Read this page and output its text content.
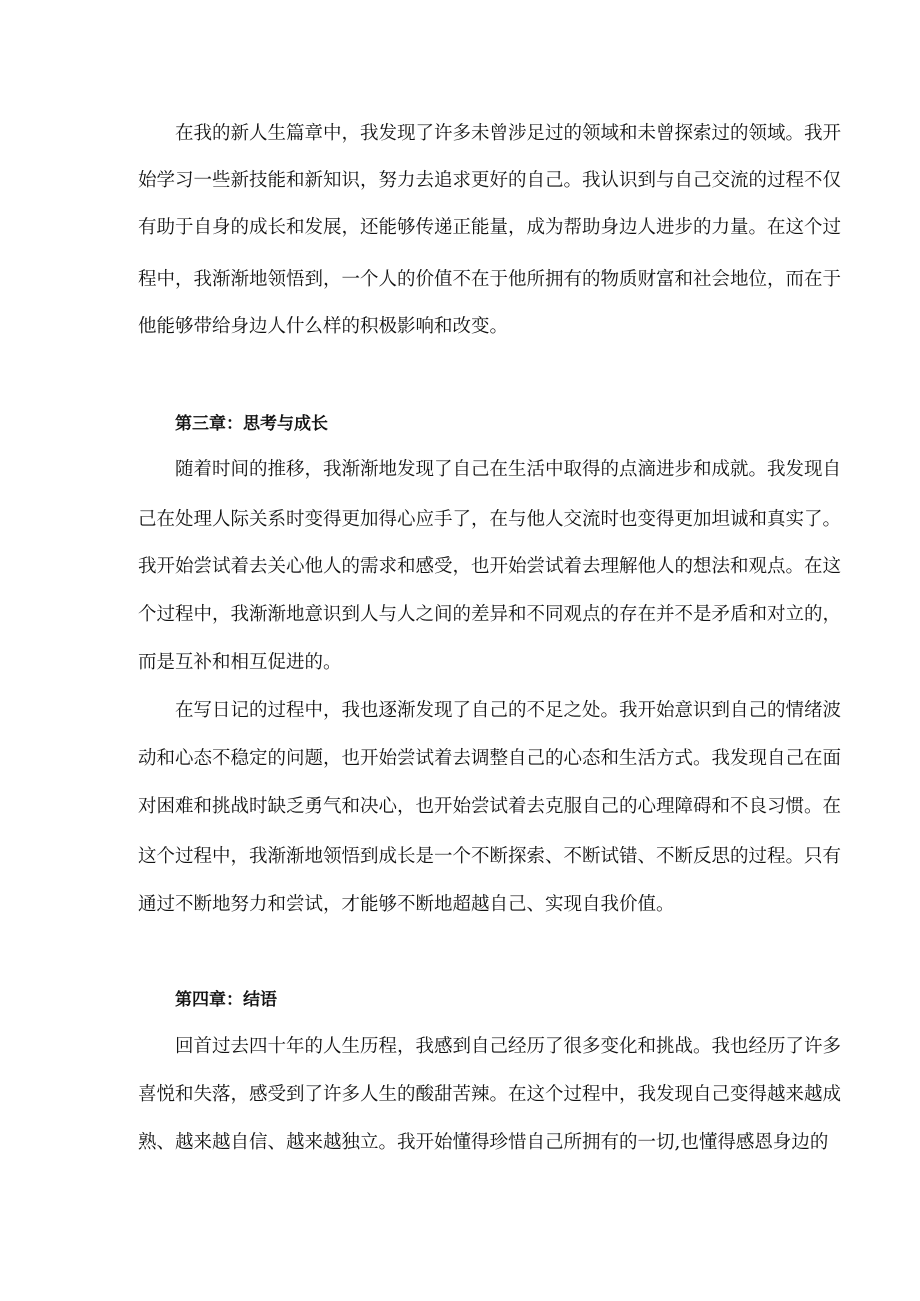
在我的新人生篇章中，我发现了许多未曾涉足过的领域和未曾探索过的领域。我开
始学习一些新技能和新知识，努力去追求更好的自己。我认识到与自己交流的过程不仅
有助于自身的成长和发展，还能够传递正能量，成为帮助身边人进步的力量。在这个过
程中，我渐渐地领悟到，一个人的价值不在于他所拥有的物质财富和社会地位，而在于
他能够带给身边人什么样的积极影响和改变。
第三章：思考与成长
随着时间的推移，我渐渐地发现了自己在生活中取得的点滴进步和成就。我发现自
己在处理人际关系时变得更加得心应手了，在与他人交流时也变得更加坦诚和真实了。
我开始尝试着去关心他人的需求和感受，也开始尝试着去理解他人的想法和观点。在这
个过程中，我渐渐地意识到人与人之间的差异和不同观点的存在并不是矛盾和对立的，
而是互补和相互促进的。
在写日记的过程中，我也逐渐发现了自己的不足之处。我开始意识到自己的情绪波
动和心态不稳定的问题，也开始尝试着去调整自己的心态和生活方式。我发现自己在面
对困难和挑战时缺乏勇气和决心，也开始尝试着去克服自己的心理障碍和不良习惯。在
这个过程中，我渐渐地领悟到成长是一个不断探索、不断试错、不断反思的过程。只有
通过不断地努力和尝试，才能够不断地超越自己、实现自我价值。
第四章：结语
回首过去四十年的人生历程，我感到自己经历了很多变化和挑战。我也经历了许多
喜悦和失落，感受到了许多人生的酸甜苦辣。在这个过程中，我发现自己变得越来越成
熟、越来越自信、越来越独立。我开始懂得珍惜自己所拥有的一切,也懂得感恩身边的
